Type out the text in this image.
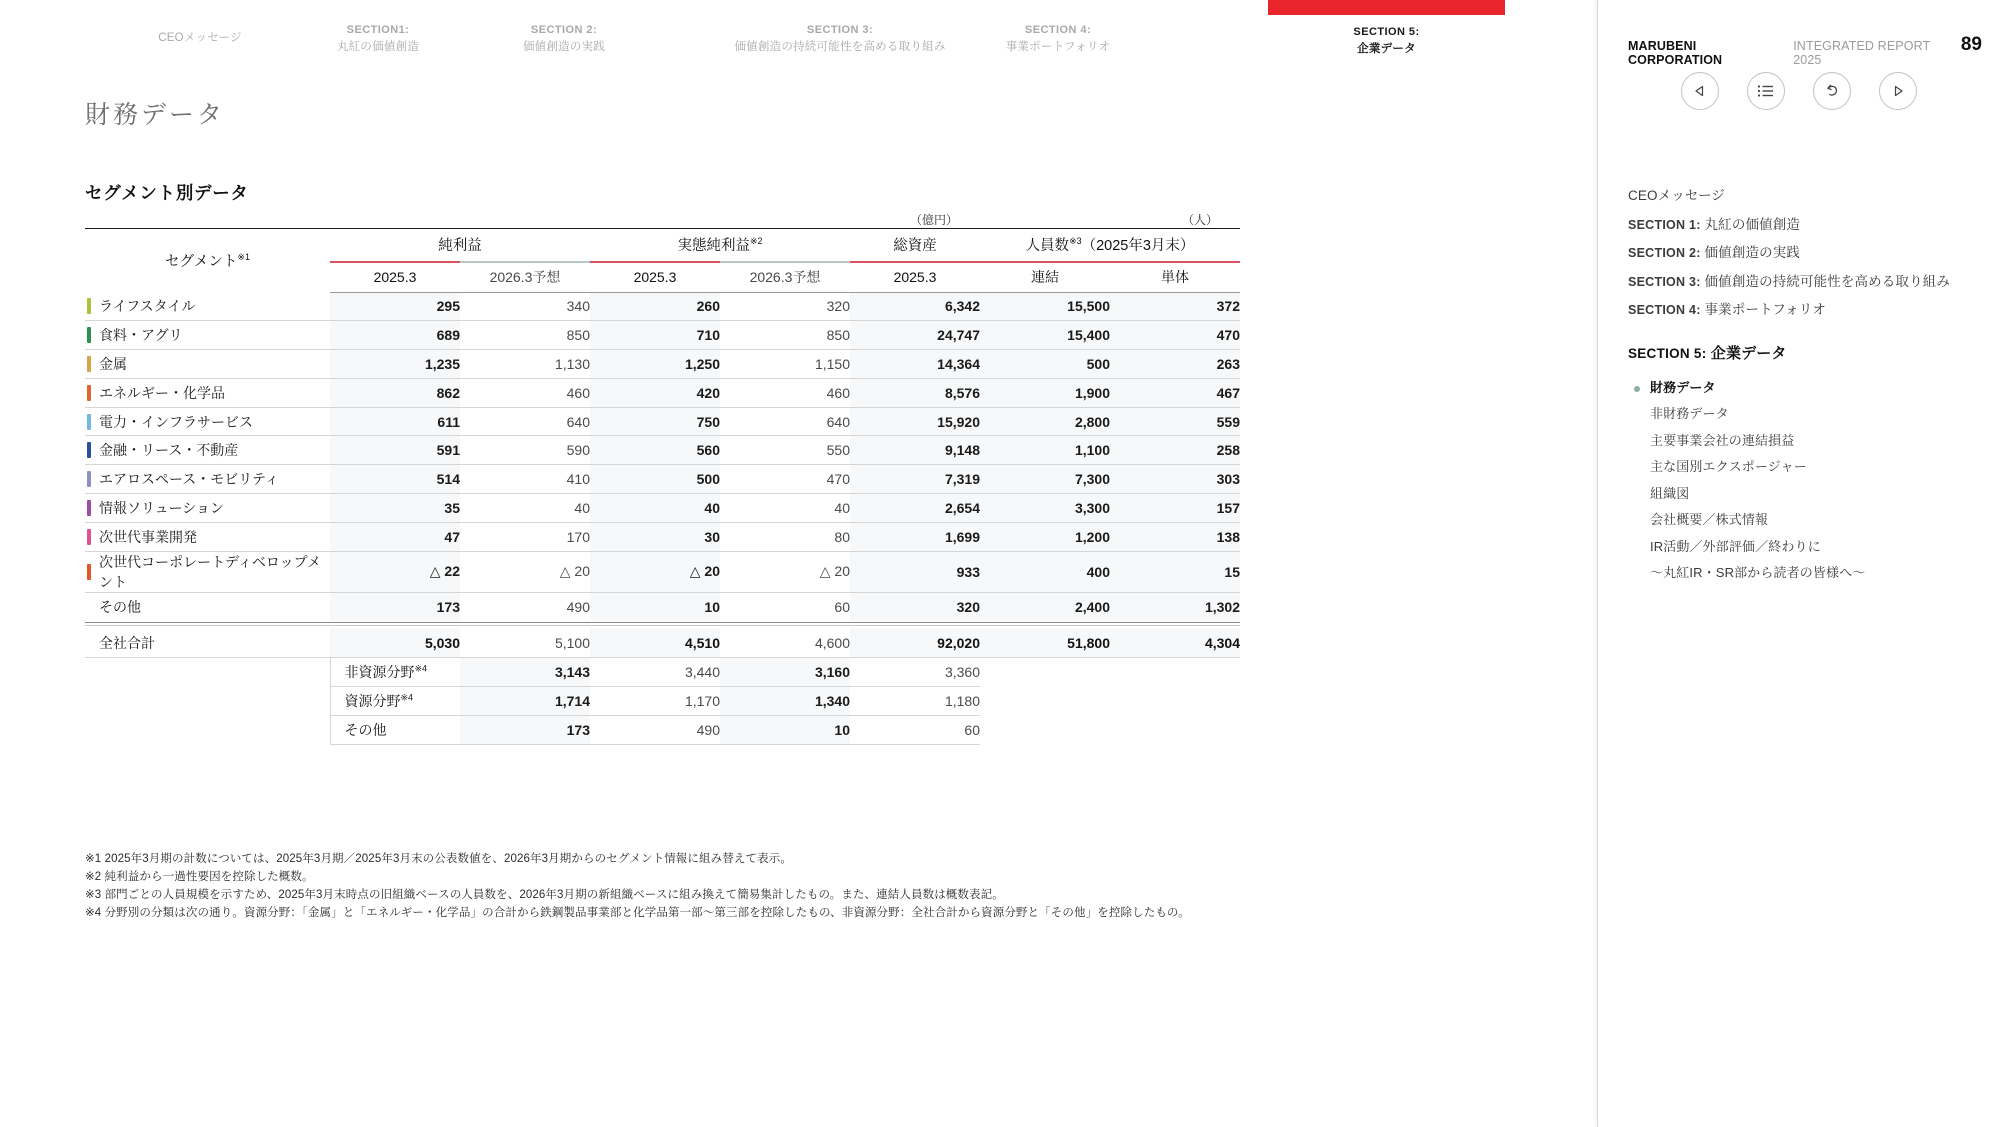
CEOメッセージ
SECTION1:
丸紅の価値創造
SECTION 2:
価値創造の実践
SECTION 3:
価値創造の持続可能性を高める取り組み
SECTION 4:
事業ポートフォリオ
SECTION 5:
企業データ
財務データ
セグメント別データ
					（億円）		（人）
セグメント$^{※1}$	純利益		実態純利益$^{※2}$		総資産	人員数$^{※3}$（2025年3月末）	
	2025.3	2026.3予想	2025.3	2026.3予想	2025.3	連結	単体

ライフスタイル	295	340	260	320	6,342	15,500	372

食料・アグリ	689	850	710	850	24,747	15,400	470

金属	1,235	1,130	1,250	1,150	14,364	500	263

エネルギー・化学品	862	460	420	460	8,576	1,900	467

電力・インフラサービス	611	640	750	640	15,920	2,800	559

金融・リース・不動産	591	590	560	550	9,148	1,100	258

エアロスペース・モビリティ	514	410	500	470	7,319	7,300	303

情報ソリューション	35	40	40	40	2,654	3,300	157

次世代事業開発	47	170	30	80	1,699	1,200	138

次世代コーポレートディベロップメント	△ 22	△ 20	△ 20	△ 20	933	400	15
その他	173	490	10	60	320	2,400	1,302

全社合計	5,030	5,100	4,510	4,600	92,020	51,800	4,304
	非資源分野$^{※4}$	3,143	3,440	3,160	3,360		
	資源分野$^{※4}$	1,714	1,170	1,340	1,180		
	その他	173	490	10	60		
※1 2025年3月期の計数については、2025年3月期／2025年3月末の公表数値を、2026年3月期からのセグメント情報に組み替えて表示。
※2 純利益から一過性要因を控除した概数。
※3 部門ごとの人員規模を示すため、2025年3月末時点の旧組織ベースの人員数を、2026年3月期の新組織ベースに組み換えて簡易集計したもの。また、連結人員数は概数表記。
※4 分野別の分類は次の通り。資源分野：「金属」と「エネルギー・化学品」の合計から鉄鋼製品事業部と化学品第一部〜第三部を控除したもの、非資源分野：全社合計から資源分野と「その他」を控除したもの。
MARUBENI CORPORATION
INTEGRATED REPORT 2025
89
CEOメッセージ
SECTION 1: 丸紅の価値創造
SECTION 2: 価値創造の実践
SECTION 3: 価値創造の持続可能性を高める取り組み
SECTION 4: 事業ポートフォリオ
SECTION 5: 企業データ
財務データ
非財務データ
主要事業会社の連結損益
主な国別エクスポージャー
組織図
会社概要／株式情報
IR活動／外部評価／終わりに
〜丸紅IR・SR部から読者の皆様へ〜
